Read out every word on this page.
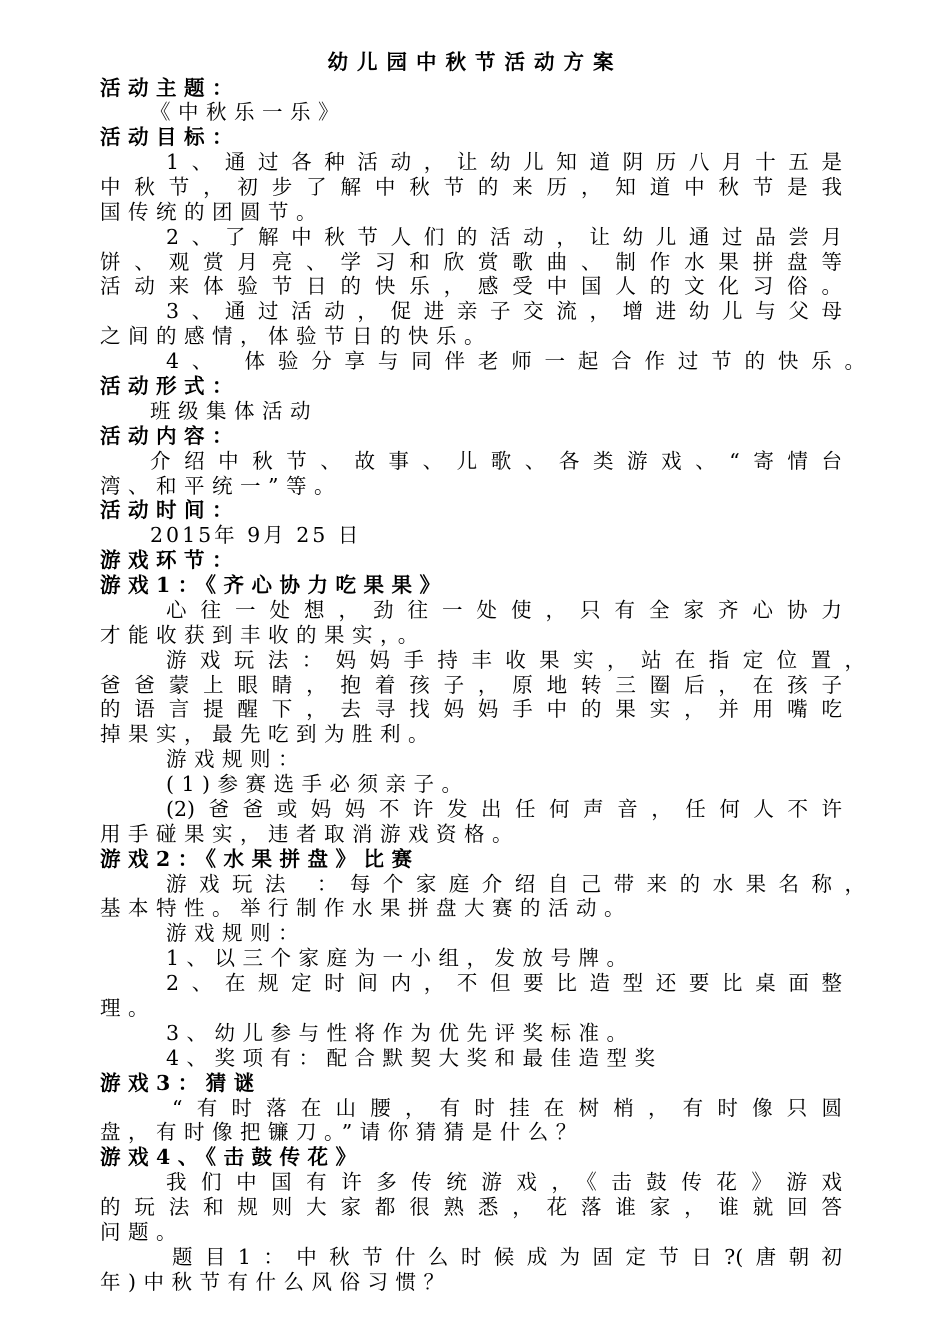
幼儿园中秋节活动方案

活动主题：

《中秋乐一乐》

活动目标：

1、通过各种活动，让幼儿知道阴历八月十五是

中秋节，初步了解中秋节的来历，知道中秋节是我

国传统的团圆节。

2、了解中秋节人们的活动，让幼儿通过品尝月

饼、观赏月亮、学习和欣赏歌曲、制作水果拼盘等

活动来体验节日的快乐，感受中国人的文化习俗。

3、通过活动，促进亲子交流，增进幼儿与父母

之间的感情，体验节日的快乐。

4、 体验分享与同伴老师一起合作过节的快乐。

活动形式：

班级集体活动

活动内容：

介绍中秋节、故事、儿歌、各类游戏、“寄情台

湾、和平统一”等。

活动时间：

2015年 9月 25 日

游戏环节：

游戏1：《齐心协力吃果果》

心往一处想，劲往一处使，只有全家齐心协力

才能收获到丰收的果实，。

游戏玩法：妈妈手持丰收果实，站在指定位置，

爸爸蒙上眼睛，抱着孩子，原地转三圈后，在孩子

的语言提醒下，去寻找妈妈手中的果实，并用嘴吃

掉果实，最先吃到为胜利。

游戏规则：

(1)参赛选手必须亲子。

(2)爸爸或妈妈不许发出任何声音，任何人不许

用手碰果实，违者取消游戏资格。

游戏2：《水果拼盘》比赛

游戏玩法 ：每个家庭介绍自己带来的水果名称，

基本特性。举行制作水果拼盘大赛的活动。

游戏规则：

1、以三个家庭为一小组，发放号牌。

2、在规定时间内，不但要比造型还要比桌面整

理。

3、幼儿参与性将作为优先评奖标准。

4、奖项有：配合默契大奖和最佳造型奖

游戏3：猜谜

“有时落在山腰，有时挂在树梢，有时像只圆

盘，有时像把镰刀。”请你猜猜是什么？

游戏4、《击鼓传花》

我们中国有许多传统游戏，《击鼓传花》游戏

的玩法和规则大家都很熟悉，花落谁家，谁就回答

问题。

题目1：中秋节什么时候成为固定节日?(唐朝初

年)中秋节有什么风俗习惯？
